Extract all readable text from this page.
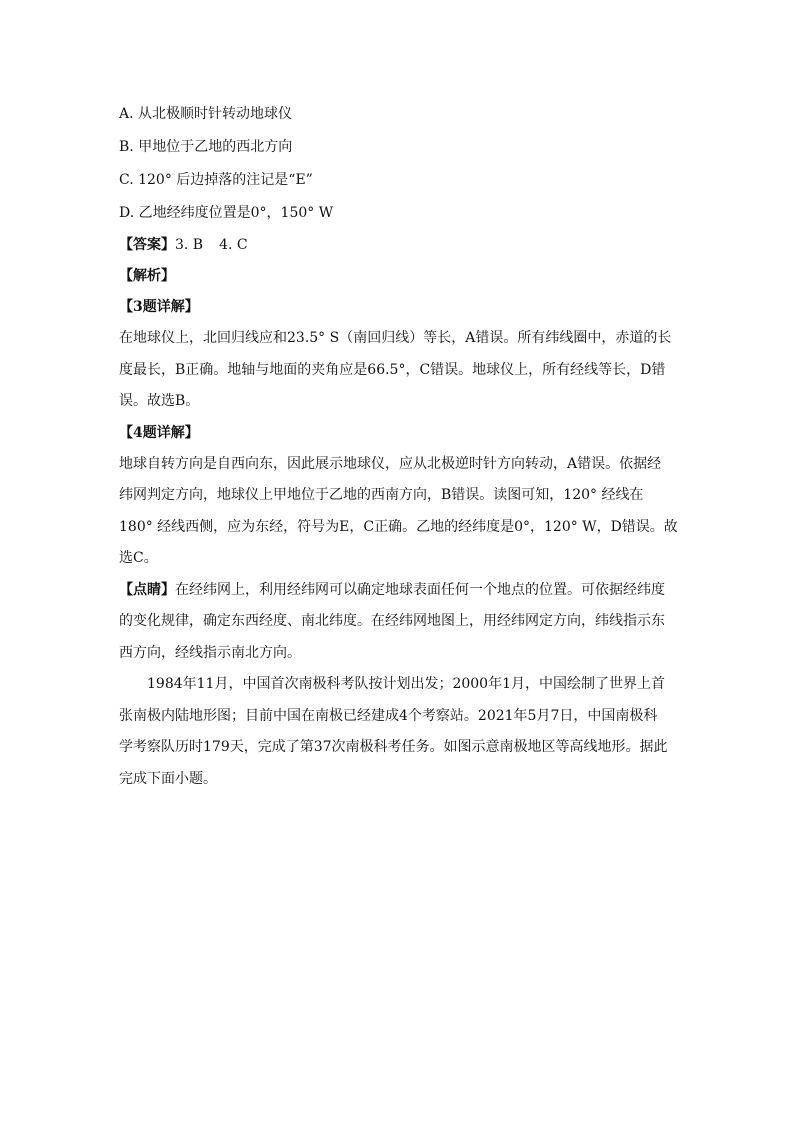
A. 从北极顺时针转动地球仪
B. 甲地位于乙地的西北方向
C. 120° 后边掉落的注记是“E”
D. 乙地经纬度位置是0°，150° W
【答案】3. B 4. C
【解析】
【3题详解】
在地球仪上，北回归线应和23.5° S（南回归线）等长，A错误。所有纬线圈中，赤道的长
度最长，B正确。地轴与地面的夹角应是66.5°，C错误。地球仪上，所有经线等长，D错
误。故选B。
【4题详解】
地球自转方向是自西向东，因此展示地球仪，应从北极逆时针方向转动，A错误。依据经
纬网判定方向，地球仪上甲地位于乙地的西南方向，B错误。读图可知，120° 经线在
180° 经线西侧，应为东经，符号为E，C正确。乙地的经纬度是0°，120° W，D错误。故
选C。
【点睛】在经纬网上，利用经纬网可以确定地球表面任何一个地点的位置。可依据经纬度
的变化规律，确定东西经度、南北纬度。在经纬网地图上，用经纬网定方向，纬线指示东
西方向，经线指示南北方向。
1984年11月，中国首次南极科考队按计划出发；2000年1月，中国绘制了世界上首
张南极内陆地形图；目前中国在南极已经建成4个考察站。2021年5月7日，中国南极科
学考察队历时179天，完成了第37次南极科考任务。如图示意南极地区等高线地形。据此
完成下面小题。
